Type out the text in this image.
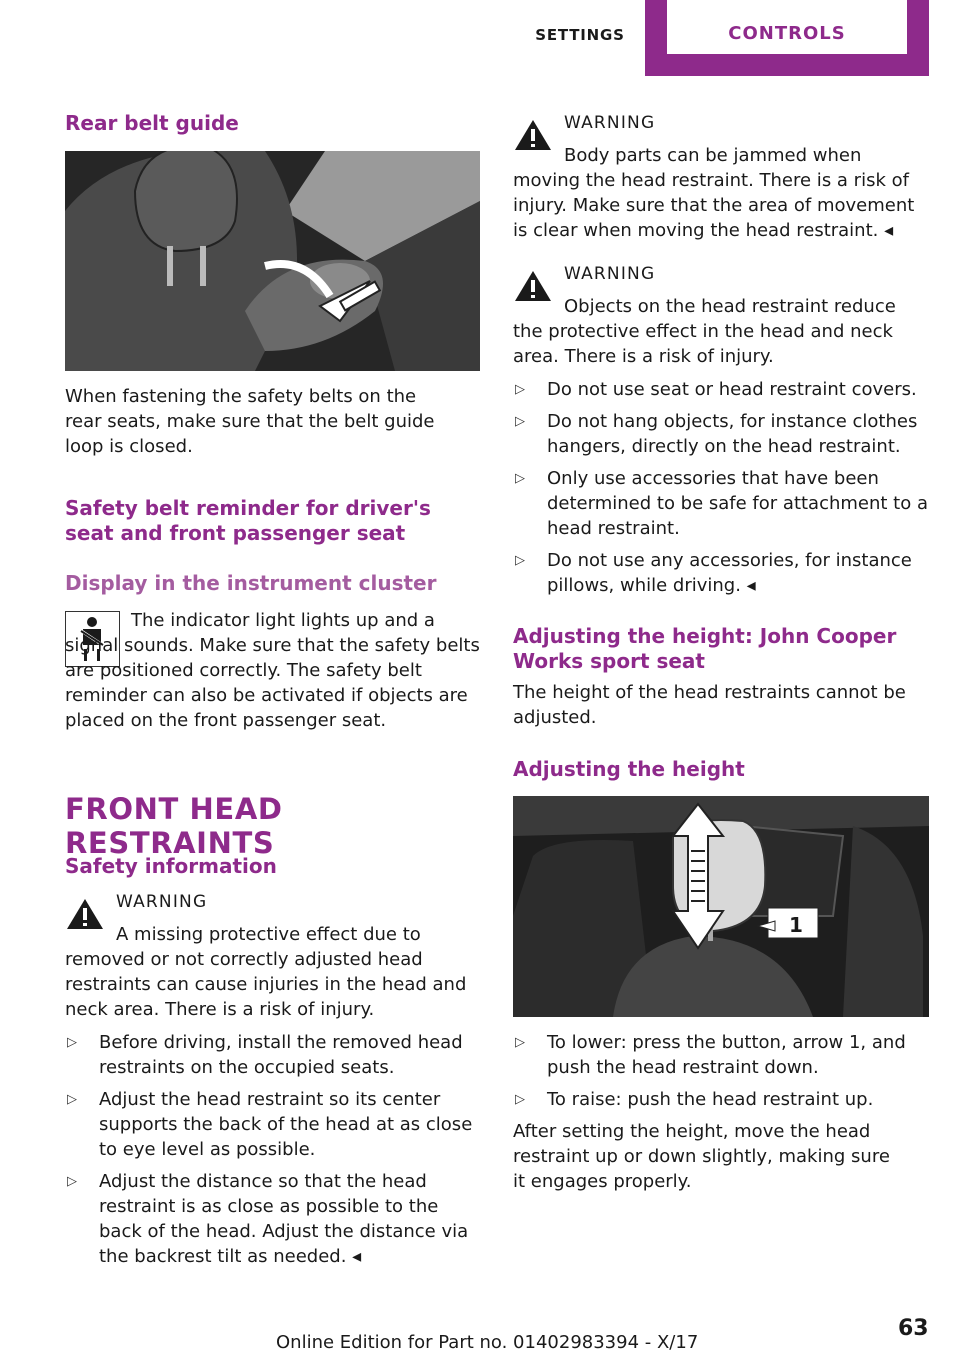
SETTINGS	CONTROLS
Rear belt guide

When fastening the safety belts on the rear seats, make sure that the belt guide loop is closed.

Safety belt reminder for driver's seat and front passenger seat
Display in the instrument cluster

The indicator light lights up and a signal sounds. Make sure that the safety belts are positioned correctly. The safety belt reminder can also be activated if objects are placed on the front passenger seat.

FRONT HEAD RESTRAINTS
Safety information
WARNING

A missing protective effect due to removed or not correctly adjusted head restraints can cause injuries in the head and neck area. There is a risk of injury.

▷ Before driving, install the removed head restraints on the occupied seats.
▷ Adjust the head restraint so its center supports the back of the head at as close to eye level as possible.
▷ Adjust the distance so that the head restraint is as close as possible to the back of the head. Adjust the distance via the backrest tilt as needed. ◂
WARNING

Body parts can be jammed when moving the head restraint. There is a risk of injury. Make sure that the area of movement is clear when moving the head restraint. ◂

WARNING

Objects on the head restraint reduce the protective effect in the head and neck area. There is a risk of injury.

▷ Do not use seat or head restraint covers.
▷ Do not hang objects, for instance clothes hangers, directly on the head restraint.
▷ Only use accessories that have been determined to be safe for attachment to a head restraint.
▷ Do not use any accessories, for instance pillows, while driving. ◂
Adjusting the height: John Cooper Works sport seat

The height of the head restraints cannot be adjusted.

Adjusting the height
1
▷ To lower: press the button, arrow 1, and push the head restraint down.
▷ To raise: push the head restraint up.

After setting the height, move the head restraint up or down slightly, making sure it engages properly.

Online Edition for Part no. 01402983394 - X/17
63
